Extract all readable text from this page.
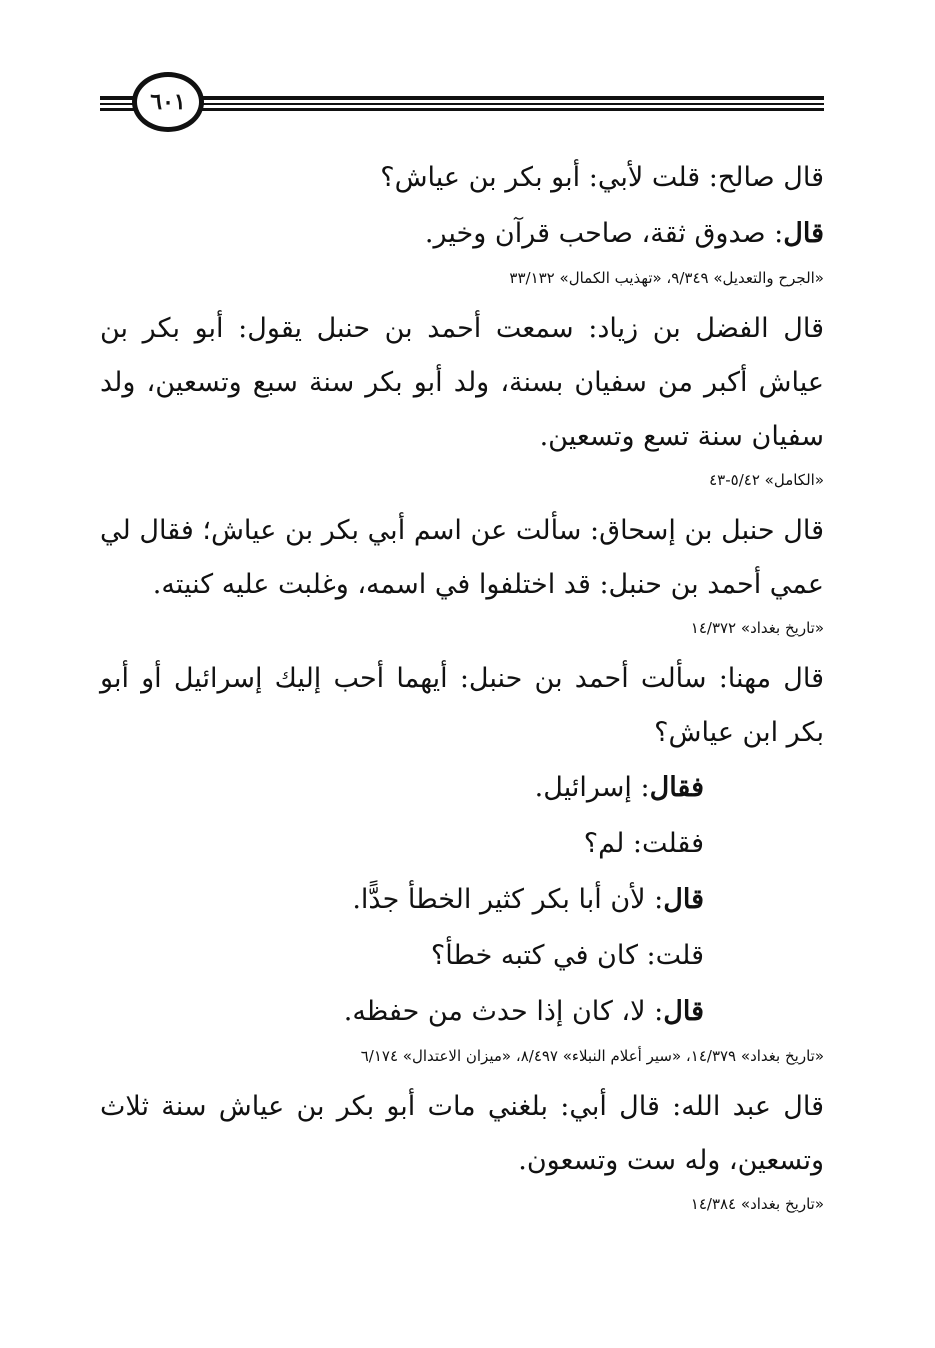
٦٠١

قال صالح: قلت لأبي: أبو بكر بن عياش؟

قال: صدوق ثقة، صاحب قرآن وخير.

«الجرح والتعديل» ٩/٣٤٩، «تهذيب الكمال» ٣٣/١٣٢

قال الفضل بن زياد: سمعت أحمد بن حنبل يقول: أبو بكر بن عياش أكبر من سفيان بسنة، ولد أبو بكر سنة سبع وتسعين، ولد سفيان سنة تسع وتسعين.

«الكامل» ٥/٤٢-٤٣

قال حنبل بن إسحاق: سألت عن اسم أبي بكر بن عياش؛ فقال لي عمي أحمد بن حنبل: قد اختلفوا في اسمه، وغلبت عليه كنيته.

«تاريخ بغداد» ١٤/٣٧٢

قال مهنا: سألت أحمد بن حنبل: أيهما أحب إليك إسرائيل أو أبو بكر ابن عياش؟

فقال: إسرائيل.

فقلت: لم؟

قال: لأن أبا بكر كثير الخطأ جدًّا.

قلت: كان في كتبه خطأ؟

قال: لا، كان إذا حدث من حفظه.

«تاريخ بغداد» ١٤/٣٧٩، «سير أعلام النبلاء» ٨/٤٩٧، «ميزان الاعتدال» ٦/١٧٤

قال عبد الله: قال أبي: بلغني مات أبو بكر بن عياش سنة ثلاث وتسعين، وله ست وتسعون.

«تاريخ بغداد» ١٤/٣٨٤
